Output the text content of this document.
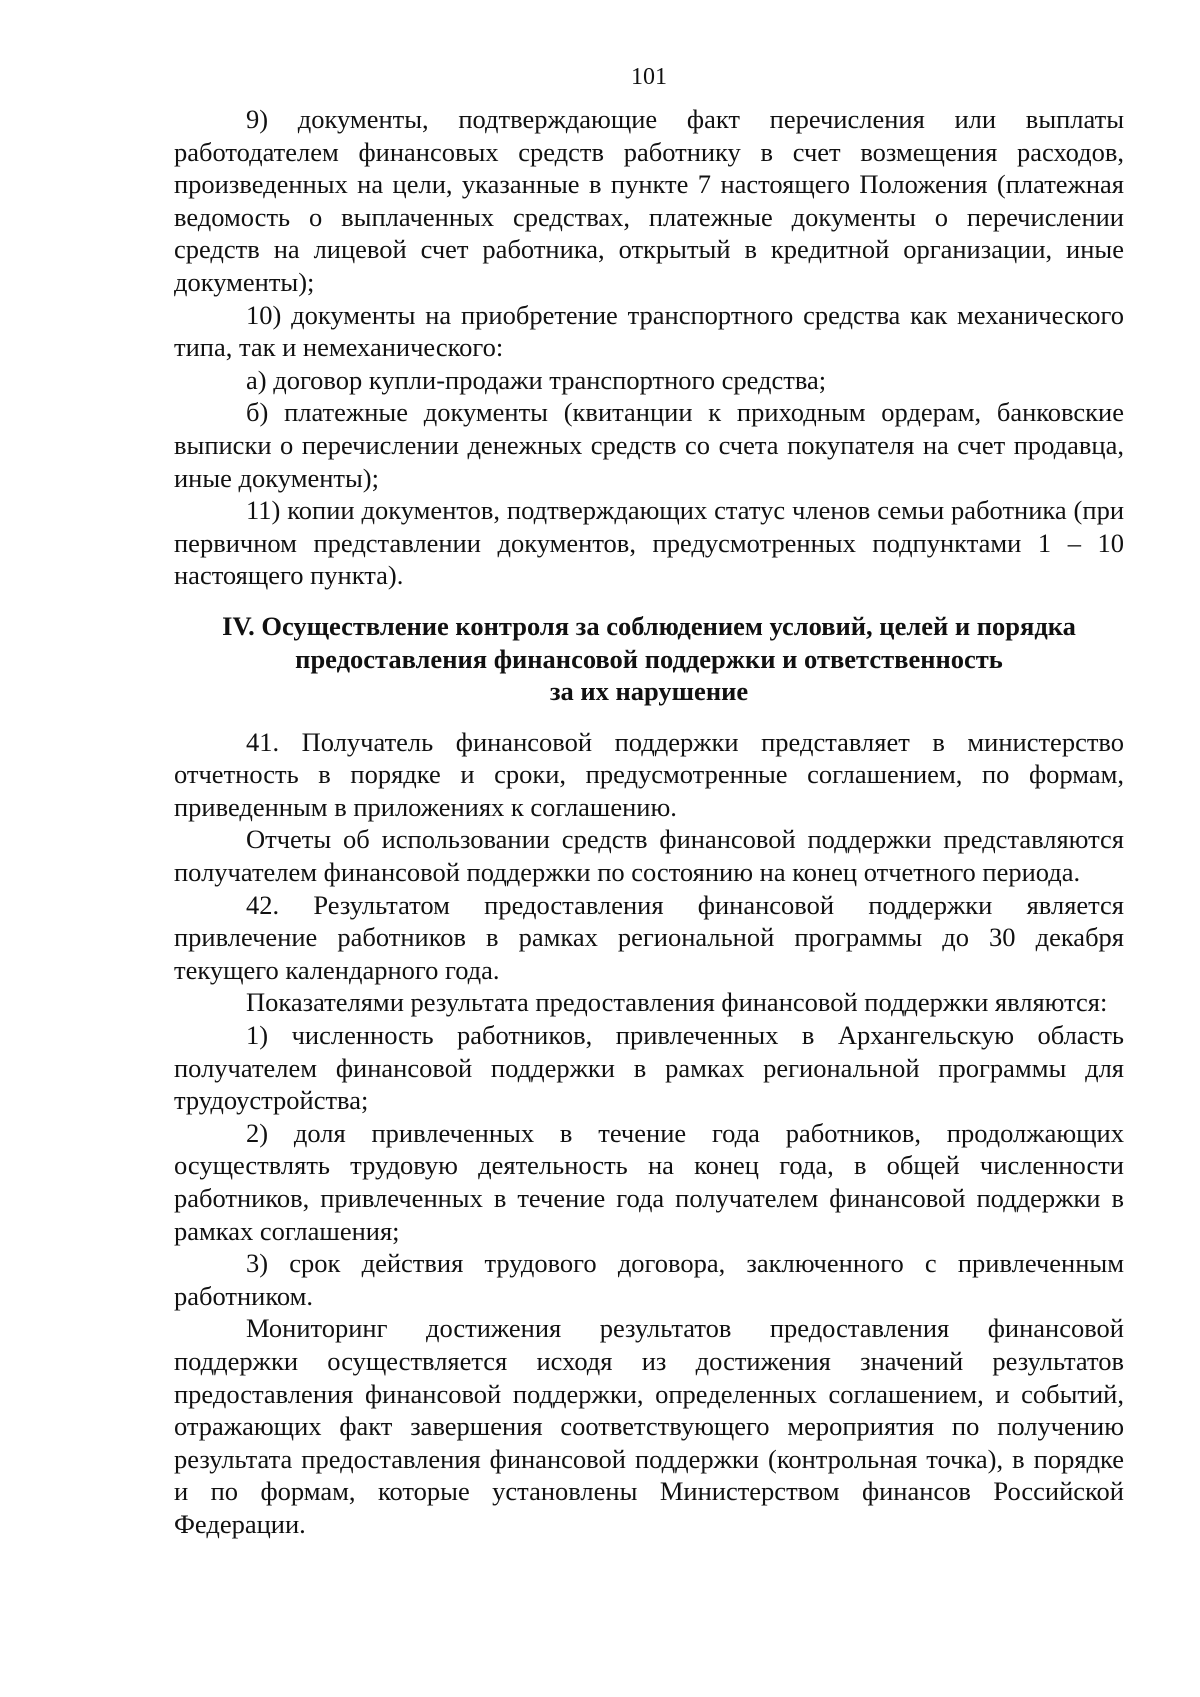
101

9) документы, подтверждающие факт перечисления или выплаты работодателем финансовых средств работнику в счет возмещения расходов, произведенных на цели, указанные в пункте 7 настоящего Положения (платежная ведомость о выплаченных средствах, платежные документы о перечислении средств на лицевой счет работника, открытый в кредитной организации, иные документы);

10) документы на приобретение транспортного средства как механического типа, так и немеханического:

а) договор купли-продажи транспортного средства;

б) платежные документы (квитанции к приходным ордерам, банковские выписки о перечислении денежных средств со счета покупателя на счет продавца, иные документы);

11) копии документов, подтверждающих статус членов семьи работника (при первичном представлении документов, предусмотренных подпунктами 1 – 10 настоящего пункта).

IV. Осуществление контроля за соблюдением условий, целей и порядка
предоставления финансовой поддержки и ответственность
за их нарушение

41. Получатель финансовой поддержки представляет в министерство отчетность в порядке и сроки, предусмотренные соглашением, по формам, приведенным в приложениях к соглашению.

Отчеты об использовании средств финансовой поддержки представляются получателем финансовой поддержки по состоянию на конец отчетного периода.

42. Результатом предоставления финансовой поддержки является привлечение работников в рамках региональной программы до 30 декабря текущего календарного года.

Показателями результата предоставления финансовой поддержки являются:

1) численность работников, привлеченных в Архангельскую область получателем финансовой поддержки в рамках региональной программы для трудоустройства;

2) доля привлеченных в течение года работников, продолжающих осуществлять трудовую деятельность на конец года, в общей численности работников, привлеченных в течение года получателем финансовой поддержки в рамках соглашения;

3) срок действия трудового договора, заключенного с привлеченным работником.

Мониторинг достижения результатов предоставления финансовой поддержки осуществляется исходя из достижения значений результатов предоставления финансовой поддержки, определенных соглашением, и событий, отражающих факт завершения соответствующего мероприятия по получению результата предоставления финансовой поддержки (контрольная точка), в порядке и по формам, которые установлены Министерством финансов Российской Федерации.
